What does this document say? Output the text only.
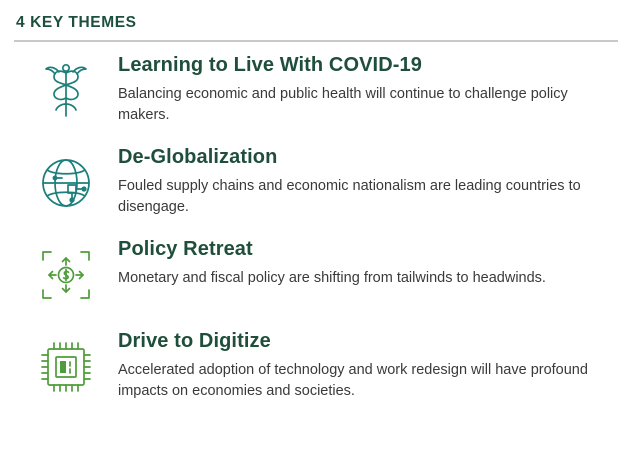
4 KEY THEMES
Learning to Live With COVID-19
Balancing economic and public health will continue to challenge policy makers.
De-Globalization
Fouled supply chains and economic nationalism are leading countries to disengage.
Policy Retreat
Monetary and fiscal policy are shifting from tailwinds to headwinds.
Drive to Digitize
Accelerated adoption of technology and work redesign will have profound impacts on economies and societies.
